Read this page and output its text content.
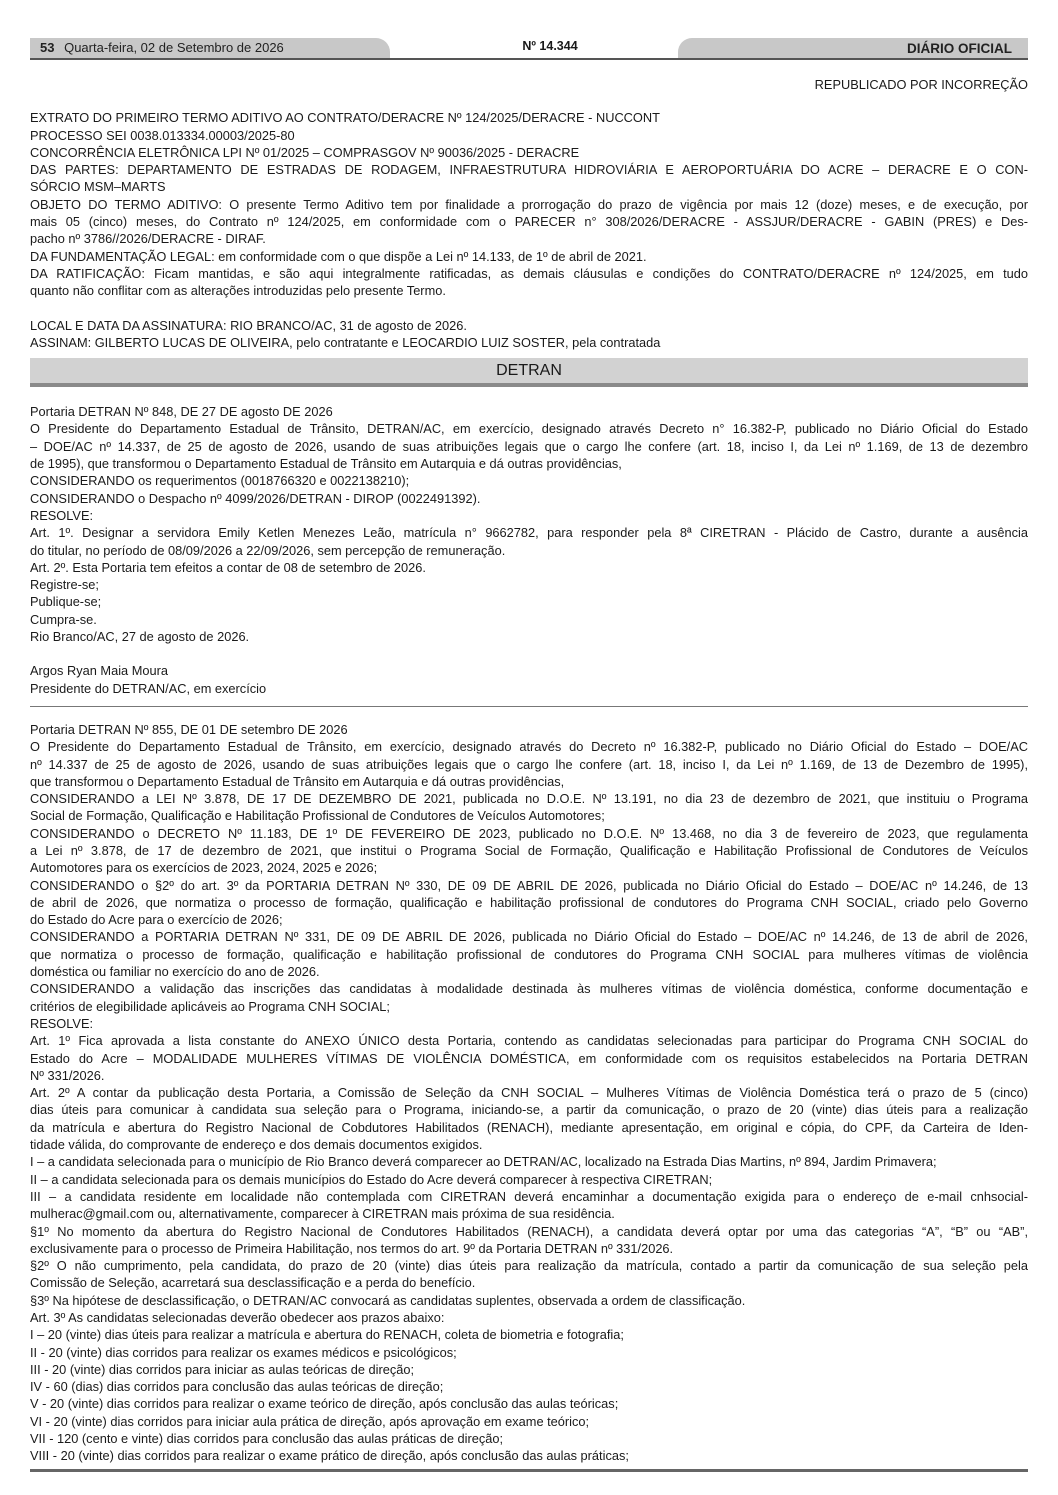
53 Quarta-feira, 02 de Setembro de 2026	Nº 14.344	DIÁRIO OFICIAL

REPUBLICADO POR INCORREÇÃO

EXTRATO DO PRIMEIRO TERMO ADITIVO AO CONTRATO/DERACRE Nº 124/2025/DERACRE - NUCCONT

PROCESSO SEI 0038.013334.00003/2025-80

CONCORRÊNCIA ELETRÔNICA LPI Nº 01/2025 – COMPRASGOV Nº 90036/2025 - DERACRE

DAS PARTES: DEPARTAMENTO DE ESTRADAS DE RODAGEM, INFRAESTRUTURA HIDROVIÁRIA E AEROPORTUÁRIA DO ACRE – DERACRE E O CON-

SÓRCIO MSM–MARTS

OBJETO DO TERMO ADITIVO: O presente Termo Aditivo tem por finalidade a prorrogação do prazo de vigência por mais 12 (doze) meses, e de execução, por

mais 05 (cinco) meses, do Contrato nº 124/2025, em conformidade com o PARECER n° 308/2026/DERACRE - ASSJUR/DERACRE - GABIN (PRES) e Des-

pacho nº 3786//2026/DERACRE - DIRAF.

DA FUNDAMENTAÇÃO LEGAL: em conformidade com o que dispõe a Lei nº 14.133, de 1º de abril de 2021.

DA RATIFICAÇÃO: Ficam mantidas, e são aqui integralmente ratificadas, as demais cláusulas e condições do CONTRATO/DERACRE nº 124/2025, em tudo

quanto não conflitar com as alterações introduzidas pelo presente Termo.

LOCAL E DATA DA ASSINATURA: RIO BRANCO/AC, 31 de agosto de 2026.

ASSINAM: GILBERTO LUCAS DE OLIVEIRA, pelo contratante e LEOCARDIO LUIZ SOSTER, pela contratada

DETRAN

Portaria DETRAN Nº 848, DE 27 DE agosto DE 2026

O Presidente do Departamento Estadual de Trânsito, DETRAN/AC, em exercício, designado através Decreto n° 16.382-P, publicado no Diário Oficial do Estado

– DOE/AC nº 14.337, de 25 de agosto de 2026, usando de suas atribuições legais que o cargo lhe confere (art. 18, inciso I, da Lei nº 1.169, de 13 de dezembro

de 1995), que transformou o Departamento Estadual de Trânsito em Autarquia e dá outras providências,

CONSIDERANDO os requerimentos (0018766320 e 0022138210);

CONSIDERANDO o Despacho nº 4099/2026/DETRAN - DIROP (0022491392).

RESOLVE:

Art. 1º. Designar a servidora Emily Ketlen Menezes Leão, matrícula n° 9662782, para responder pela 8ª CIRETRAN - Plácido de Castro, durante a ausência

do titular, no período de 08/09/2026 a 22/09/2026, sem percepção de remuneração.

Art. 2º. Esta Portaria tem efeitos a contar de 08 de setembro de 2026.

Registre-se;

Publique-se;

Cumpra-se.

Rio Branco/AC, 27 de agosto de 2026.

Argos Ryan Maia Moura

Presidente do DETRAN/AC, em exercício

Portaria DETRAN Nº 855, DE 01 DE setembro DE 2026

O Presidente do Departamento Estadual de Trânsito, em exercício, designado através do Decreto nº 16.382-P, publicado no Diário Oficial do Estado – DOE/AC

nº 14.337 de 25 de agosto de 2026, usando de suas atribuições legais que o cargo lhe confere (art. 18, inciso I, da Lei nº 1.169, de 13 de Dezembro de 1995),

que transformou o Departamento Estadual de Trânsito em Autarquia e dá outras providências,

CONSIDERANDO a LEI Nº 3.878, DE 17 DE DEZEMBRO DE 2021, publicada no D.O.E. Nº 13.191, no dia 23 de dezembro de 2021, que instituiu o Programa

Social de Formação, Qualificação e Habilitação Profissional de Condutores de Veículos Automotores;

CONSIDERANDO o DECRETO Nº 11.183, DE 1º DE FEVEREIRO DE 2023, publicado no D.O.E. Nº 13.468, no dia 3 de fevereiro de 2023, que regulamenta

a Lei nº 3.878, de 17 de dezembro de 2021, que institui o Programa Social de Formação, Qualificação e Habilitação Profissional de Condutores de Veículos

Automotores para os exercícios de 2023, 2024, 2025 e 2026;

CONSIDERANDO o §2º do art. 3º da PORTARIA DETRAN Nº 330, DE 09 DE ABRIL DE 2026, publicada no Diário Oficial do Estado – DOE/AC nº 14.246, de 13

de abril de 2026, que normatiza o processo de formação, qualificação e habilitação profissional de condutores do Programa CNH SOCIAL, criado pelo Governo

do Estado do Acre para o exercício de 2026;

CONSIDERANDO a PORTARIA DETRAN Nº 331, DE 09 DE ABRIL DE 2026, publicada no Diário Oficial do Estado – DOE/AC nº 14.246, de 13 de abril de 2026,

que normatiza o processo de formação, qualificação e habilitação profissional de condutores do Programa CNH SOCIAL para mulheres vítimas de violência

doméstica ou familiar no exercício do ano de 2026.

CONSIDERANDO a validação das inscrições das candidatas à modalidade destinada às mulheres vítimas de violência doméstica, conforme documentação e

critérios de elegibilidade aplicáveis ao Programa CNH SOCIAL;

RESOLVE:

Art. 1º Fica aprovada a lista constante do ANEXO ÚNICO desta Portaria, contendo as candidatas selecionadas para participar do Programa CNH SOCIAL do

Estado do Acre – MODALIDADE MULHERES VÍTIMAS DE VIOLÊNCIA DOMÉSTICA, em conformidade com os requisitos estabelecidos na Portaria DETRAN

Nº 331/2026.

Art. 2º A contar da publicação desta Portaria, a Comissão de Seleção da CNH SOCIAL – Mulheres Vítimas de Violência Doméstica terá o prazo de 5 (cinco)

dias úteis para comunicar à candidata sua seleção para o Programa, iniciando-se, a partir da comunicação, o prazo de 20 (vinte) dias úteis para a realização

da matrícula e abertura do Registro Nacional de Cobdutores Habilitados (RENACH), mediante apresentação, em original e cópia, do CPF, da Carteira de Iden-

tidade válida, do comprovante de endereço e dos demais documentos exigidos.

I – a candidata selecionada para o município de Rio Branco deverá comparecer ao DETRAN/AC, localizado na Estrada Dias Martins, nº 894, Jardim Primavera;

II – a candidata selecionada para os demais municípios do Estado do Acre deverá comparecer à respectiva CIRETRAN;

III – a candidata residente em localidade não contemplada com CIRETRAN deverá encaminhar a documentação exigida para o endereço de e-mail cnhsocial-

mulherac@gmail.com ou, alternativamente, comparecer à CIRETRAN mais próxima de sua residência.

§1º No momento da abertura do Registro Nacional de Condutores Habilitados (RENACH), a candidata deverá optar por uma das categorias “A”, “B” ou “AB”,

exclusivamente para o processo de Primeira Habilitação, nos termos do art. 9º da Portaria DETRAN nº 331/2026.

§2º O não cumprimento, pela candidata, do prazo de 20 (vinte) dias úteis para realização da matrícula, contado a partir da comunicação de sua seleção pela

Comissão de Seleção, acarretará sua desclassificação e a perda do benefício.

§3º Na hipótese de desclassificação, o DETRAN/AC convocará as candidatas suplentes, observada a ordem de classificação.

Art. 3º As candidatas selecionadas deverão obedecer aos prazos abaixo:

I – 20 (vinte) dias úteis para realizar a matrícula e abertura do RENACH, coleta de biometria e fotografia;

II - 20 (vinte) dias corridos para realizar os exames médicos e psicológicos;

III - 20 (vinte) dias corridos para iniciar as aulas teóricas de direção;

IV - 60 (dias) dias corridos para conclusão das aulas teóricas de direção;

V - 20 (vinte) dias corridos para realizar o exame teórico de direção, após conclusão das aulas teóricas;

VI - 20 (vinte) dias corridos para iniciar aula prática de direção, após aprovação em exame teórico;

VII - 120 (cento e vinte) dias corridos para conclusão das aulas práticas de direção;

VIII - 20 (vinte) dias corridos para realizar o exame prático de direção, após conclusão das aulas práticas;
